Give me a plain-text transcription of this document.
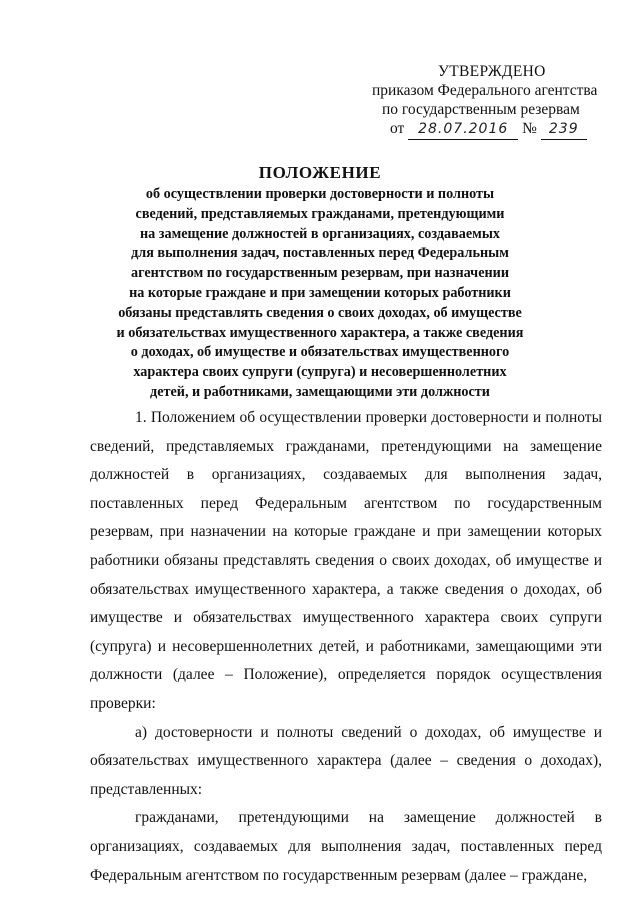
УТВЕРЖДЕНО
приказом Федерального агентства
по государственным резервам
от 28.07.2016 № 239
ПОЛОЖЕНИЕ
об осуществлении проверки достоверности и полноты
сведений, представляемых гражданами, претендующими
на замещение должностей в организациях, создаваемых
для выполнения задач, поставленных перед Федеральным
агентством по государственным резервам, при назначении
на которые граждане и при замещении которых работники
обязаны представлять сведения о своих доходах, об имуществе
и обязательствах имущественного характера, а также сведения
о доходах, об имуществе и обязательствах имущественного
характера своих супруги (супруга) и несовершеннолетних
детей, и работниками, замещающими эти должности

1. Положением об осуществлении проверки достоверности и полноты сведений, представляемых гражданами, претендующими на замещение должностей в организациях, создаваемых для выполнения задач, поставленных перед Федеральным агентством по государственным резервам, при назначении на которые граждане и при замещении которых работники обязаны представлять сведения о своих доходах, об имуществе и обязательствах имущественного характера, а также сведения о доходах, об имуществе и обязательствах имущественного характера своих супруги (супруга) и несовершеннолетних детей, и работниками, замещающими эти должности (далее – Положение), определяется порядок осуществления проверки:

а) достоверности и полноты сведений о доходах, об имуществе и обязательствах имущественного характера (далее – сведения о доходах), представленных:

гражданами, претендующими на замещение должностей в организациях, создаваемых для выполнения задач, поставленных перед Федеральным агентством по государственным резервам (далее – граждане,
